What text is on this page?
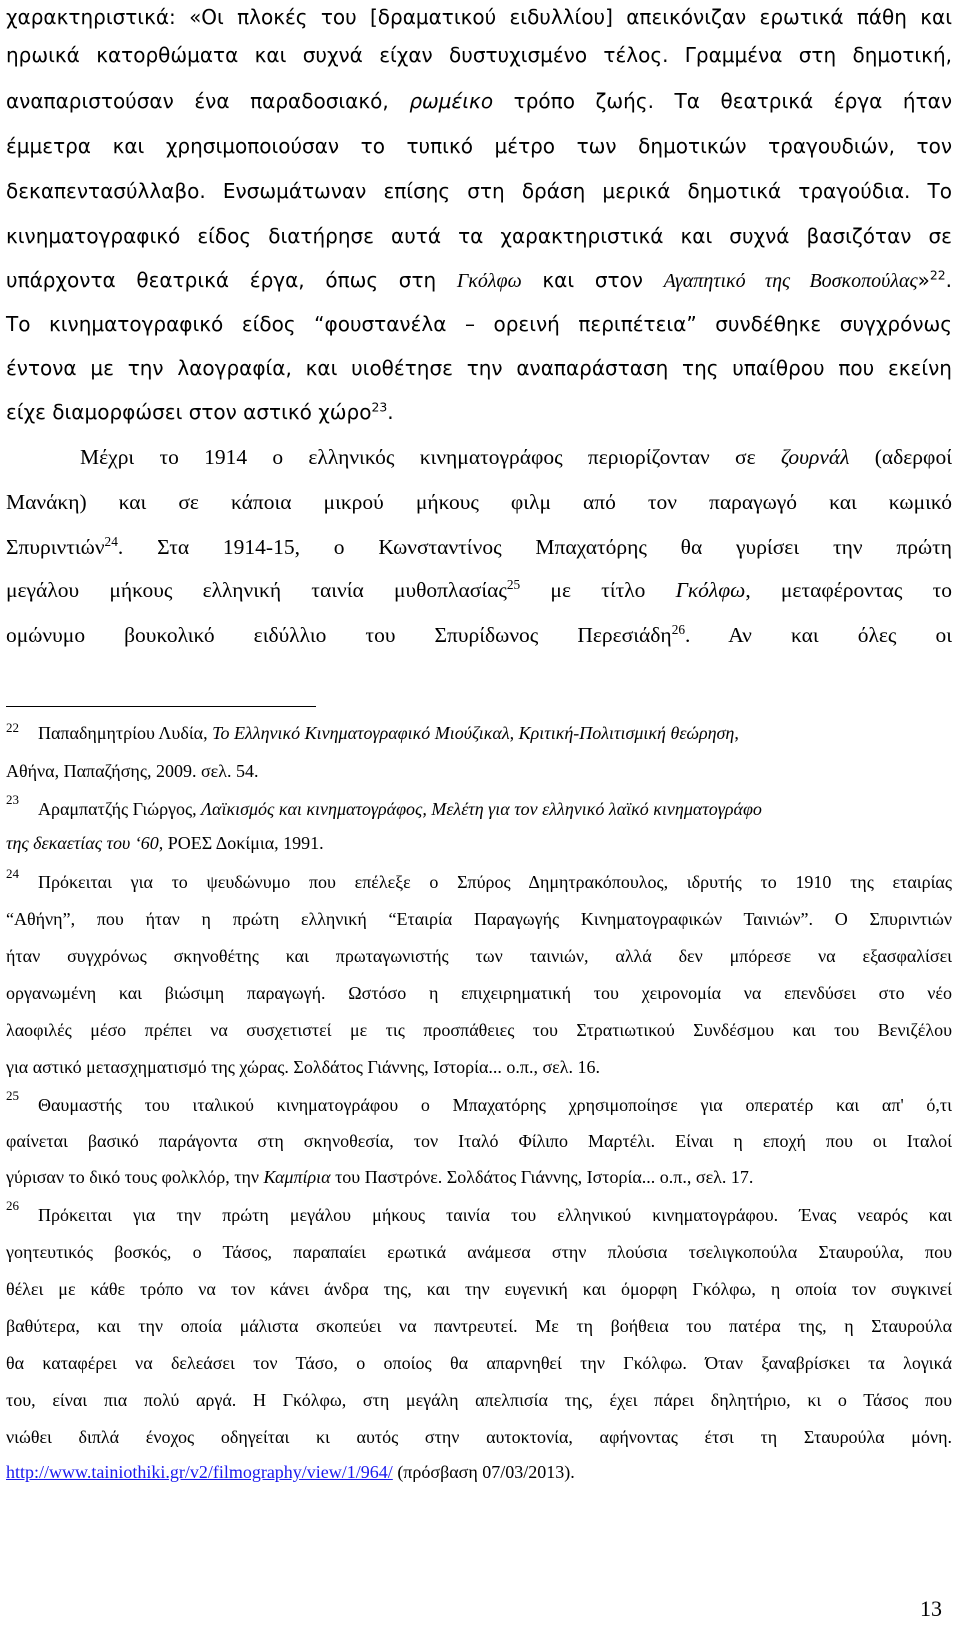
χαρακτηριστικά: «Οι πλοκές του [δραματικού ειδυλλίου] απεικόνιζαν ερωτικά πάθη και
ηρωικά κατορθώματα και συχνά είχαν δυστυχισμένο τέλος. Γραμμένα στη δημοτική,
αναπαριστούσαν ένα παραδοσιακό, ρωμέικο τρόπο ζωής. Τα θεατρικά έργα ήταν
έμμετρα και χρησιμοποιούσαν το τυπικό μέτρο των δημοτικών τραγουδιών, τον
δεκαπεντασύλλαβο. Ενσωμάτωναν επίσης στη δράση μερικά δημοτικά τραγούδια. Το
κινηματογραφικό είδος διατήρησε αυτά τα χαρακτηριστικά και συχνά βασιζόταν σε
υπάρχοντα θεατρικά έργα, όπως στη Γκόλφω και στον Αγαπητικό της Βοσκοπούλας»$^{22}$.
Το κινηματογραφικό είδος “φουστανέλα – ορεινή περιπέτεια” συνδέθηκε συγχρόνως
έντονα με την λαογραφία, και υιοθέτησε την αναπαράσταση της υπαίθρου που εκείνη
είχε διαμορφώσει στον αστικό χώρο$^{23}$.
Μέχρι το 1914 ο ελληνικός κινηματογράφος περιορίζονταν σε ζουρνάλ (αδερφοί
Μανάκη) και σε κάποια μικρού μήκους φιλμ από τον παραγωγό και κωμικό
Σπυριντιών$^{24}$. Στα 1914-15, ο Κωνσταντίνος Μπαχατόρης θα γυρίσει την πρώτη
μεγάλου μήκους ελληνική ταινία μυθοπλασίας$^{25}$ με τίτλο Γκόλφω, μεταφέροντας το
ομώνυμο βουκολικό ειδύλλιο του Σπυρίδωνος Περεσιάδη$^{26}$. Αν και όλες οι
22 Παπαδημητρίου Λυδία, Το Ελληνικό Κινηματογραφικό Μιούζικαλ, Κριτική-Πολιτισμική θεώρηση,
Αθήνα, Παπαζήσης, 2009. σελ. 54.
23 Αραμπατζής Γιώργος, Λαϊκισμός και κινηματογράφος, Μελέτη για τον ελληνικό λαϊκό κινηματογράφο
της δεκαετίας του ‘60, ΡΟΕΣ Δοκίμια, 1991.
24 Πρόκειται για το ψευδώνυμο που επέλεξε ο Σπύρος Δημητρακόπουλος, ιδρυτής το 1910 της εταιρίας
“Αθήνη”, που ήταν η πρώτη ελληνική “Εταιρία Παραγωγής Κινηματογραφικών Ταινιών”. Ο Σπυριντιών
ήταν συγχρόνως σκηνοθέτης και πρωταγωνιστής των ταινιών, αλλά δεν μπόρεσε να εξασφαλίσει
οργανωμένη και βιώσιμη παραγωγή. Ωστόσο η επιχειρηματική του χειρονομία να επενδύσει στο νέο
λαοφιλές μέσο πρέπει να συσχετιστεί με τις προσπάθειες του Στρατιωτικού Συνδέσμου και του Βενιζέλου
για αστικό μετασχηματισμό της χώρας. Σολδάτος Γιάννης, Ιστορία... ο.π., σελ. 16.
25 Θαυμαστής του ιταλικού κινηματογράφου ο Μπαχατόρης χρησιμοποίησε για οπερατέρ και απ' ό,τι
φαίνεται βασικό παράγοντα στη σκηνοθεσία, τον Ιταλό Φίλιπο Μαρτέλι. Είναι η εποχή που οι Ιταλοί
γύρισαν το δικό τους φολκλόρ, την Καμπίρια του Παστρόνε. Σολδάτος Γιάννης, Ιστορία... ο.π., σελ. 17.
26 Πρόκειται για την πρώτη μεγάλου μήκους ταινία του ελληνικού κινηματογράφου. Ένας νεαρός και
γοητευτικός βοσκός, ο Τάσος, παραπαίει ερωτικά ανάμεσα στην πλούσια τσελιγκοπούλα Σταυρούλα, που
θέλει με κάθε τρόπο να τον κάνει άνδρα της, και την ευγενική και όμορφη Γκόλφω, η οποία τον συγκινεί
βαθύτερα, και την οποία μάλιστα σκοπεύει να παντρευτεί. Με τη βοήθεια του πατέρα της, η Σταυρούλα
θα καταφέρει να δελεάσει τον Τάσο, ο οποίος θα απαρνηθεί την Γκόλφω. Όταν ξαναβρίσκει τα λογικά
του, είναι πια πολύ αργά. Η Γκόλφω, στη μεγάλη απελπισία της, έχει πάρει δηλητήριο, κι ο Τάσος που
νιώθει διπλά ένοχος οδηγείται κι αυτός στην αυτοκτονία, αφήνοντας έτσι τη Σταυρούλα μόνη.
http://www.tainiothiki.gr/v2/filmography/view/1/964/ (πρόσβαση 07/03/2013).
13
